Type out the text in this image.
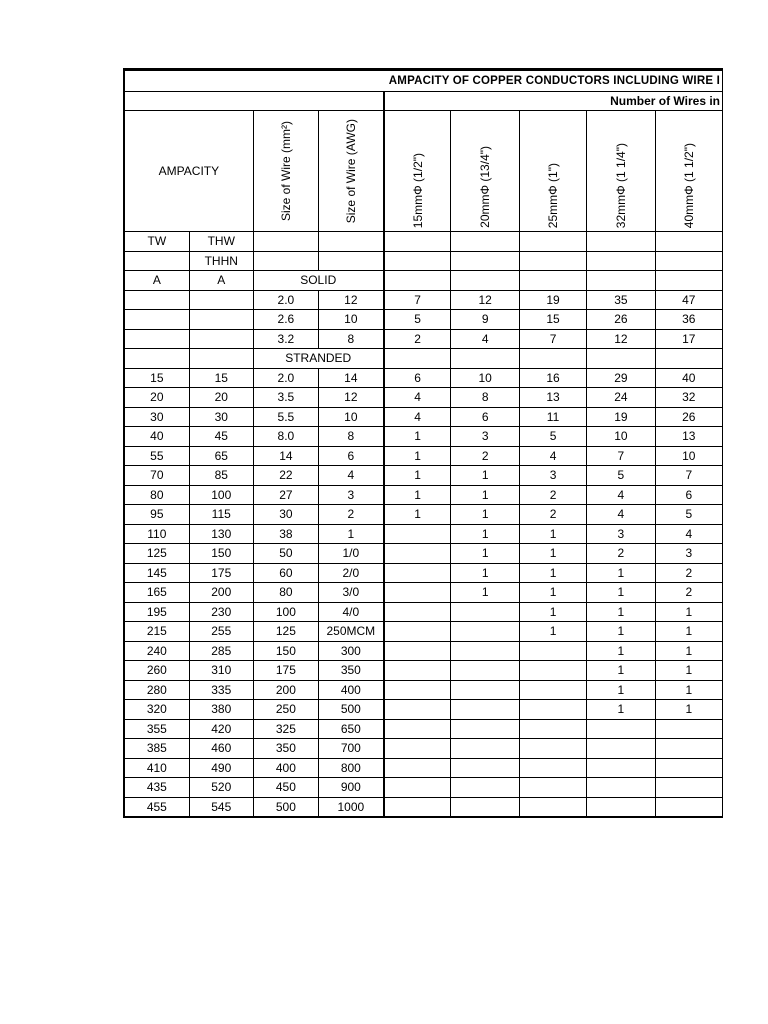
AMPACITY OF COPPER CONDUCTORS INCLUDING WIRE I								
				Number of Wires in				
AMPACITY		Size of Wire (mm²)	Size of Wire (AWG)	15mmΦ (1/2")	20mmΦ (13/4")	25mmΦ (1")	32mmΦ (1 1/4")	40mmΦ (1 1/2")

TW	THW							
	THHN							
A	A	SOLID						
		2.0	12	7	12	19	35	47
		2.6	10	5	9	15	26	36
		3.2	8	2	4	7	12	17
		STRANDED						
15	15	2.0	14	6	10	16	29	40
20	20	3.5	12	4	8	13	24	32
30	30	5.5	10	4	6	11	19	26
40	45	8.0	8	1	3	5	10	13
55	65	14	6	1	2	4	7	10
70	85	22	4	1	1	3	5	7
80	100	27	3	1	1	2	4	6
95	115	30	2	1	1	2	4	5
110	130	38	1		1	1	3	4
125	150	50	1/0		1	1	2	3
145	175	60	2/0		1	1	1	2
165	200	80	3/0		1	1	1	2
195	230	100	4/0			1	1	1
215	255	125	250MCM			1	1	1
240	285	150	300				1	1
260	310	175	350				1	1
280	335	200	400				1	1
320	380	250	500				1	1
355	420	325	650					
385	460	350	700					
410	490	400	800					
435	520	450	900					
455	545	500	1000					
